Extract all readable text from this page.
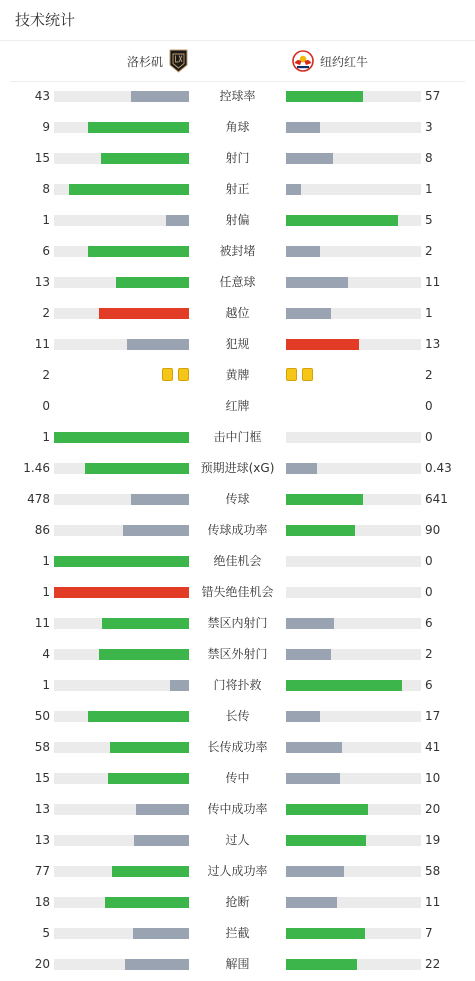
技术统计
洛杉矶	纽约红牛
43	控球率	57
9	角球	3
15	射门	8
8	射正	1
1	射偏	5
6	被封堵	2
13	任意球	11
2	越位	1
11	犯规	13
2	黄牌	2
0	红牌	0
1	击中门框	0
1.46	预期进球(xG)	0.43
478	传球	641
86	传球成功率	90
1	绝佳机会	0
1	错失绝佳机会	0
11	禁区内射门	6
4	禁区外射门	2
1	门将扑救	6
50	长传	17
58	长传成功率	41
15	传中	10
13	传中成功率	20
13	过人	19
77	过人成功率	58
18	抢断	11
5	拦截	7
20	解围	22
